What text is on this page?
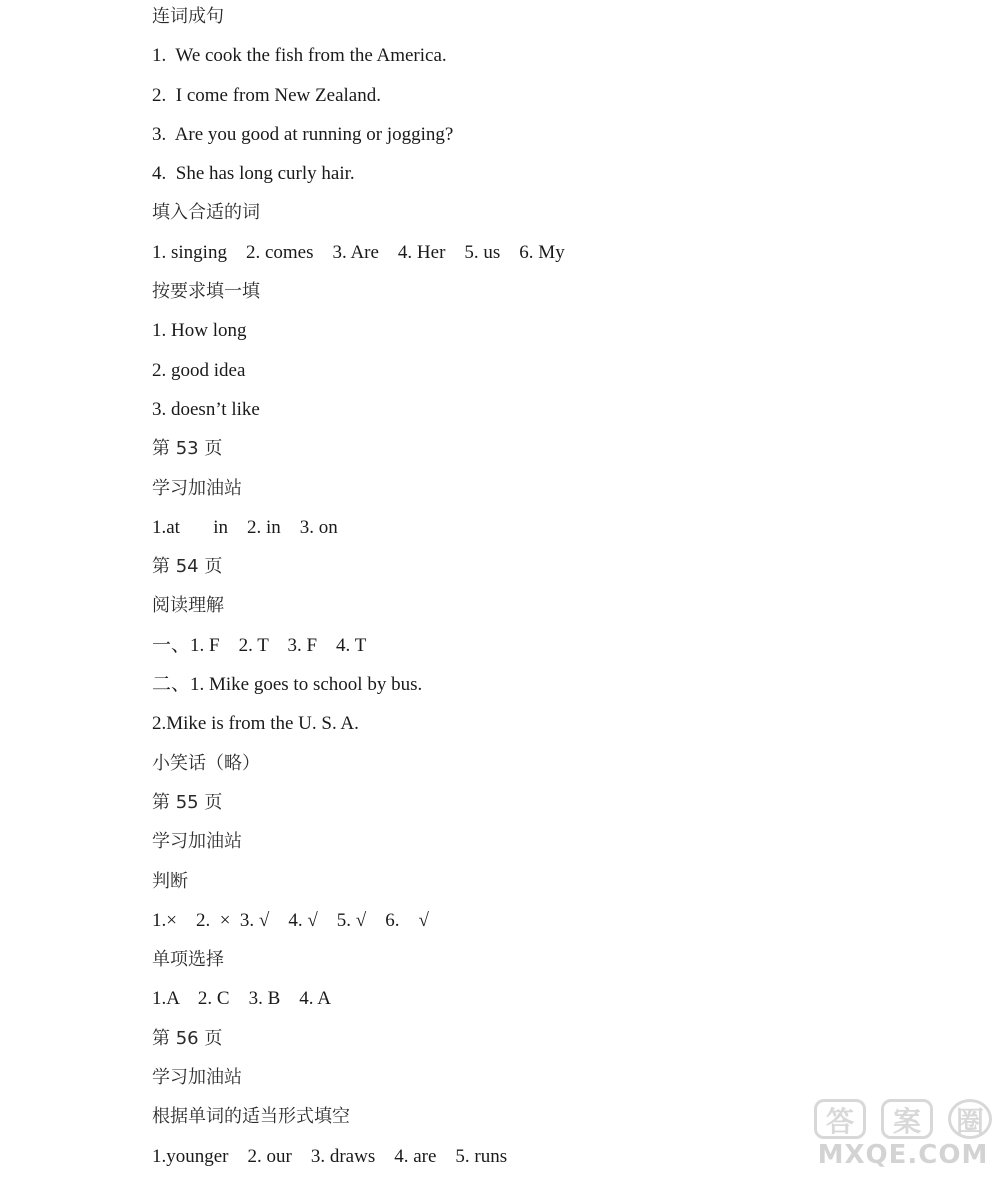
连词成句
1.  We cook the fish from the America.
2.  I come from New Zealand.
3.  Are you good at running or jogging?
4.  She has long curly hair.
填入合适的词
1. singing    2. comes    3. Are    4. Her    5. us    6. My
按要求填一填
1. How long
2. good idea
3. doesn’t like
第 53 页
学习加油站
1.at       in    2. in    3. on
第 54 页
阅读理解
一、1. F    2. T    3. F    4. T
二、1. Mike goes to school by bus.
2.Mike is from the U. S. A.
小笑话（略）
第 55 页
学习加油站
判断
1.×    2.  ×  3. √    4. √    5. √    6.    √
单项选择
1.A    2. C    3. B    4. A
第 56 页
学习加油站
根据单词的适当形式填空
1.younger    2. our    3. draws    4. are    5. runs
答	案	圈
MXQE.COM
